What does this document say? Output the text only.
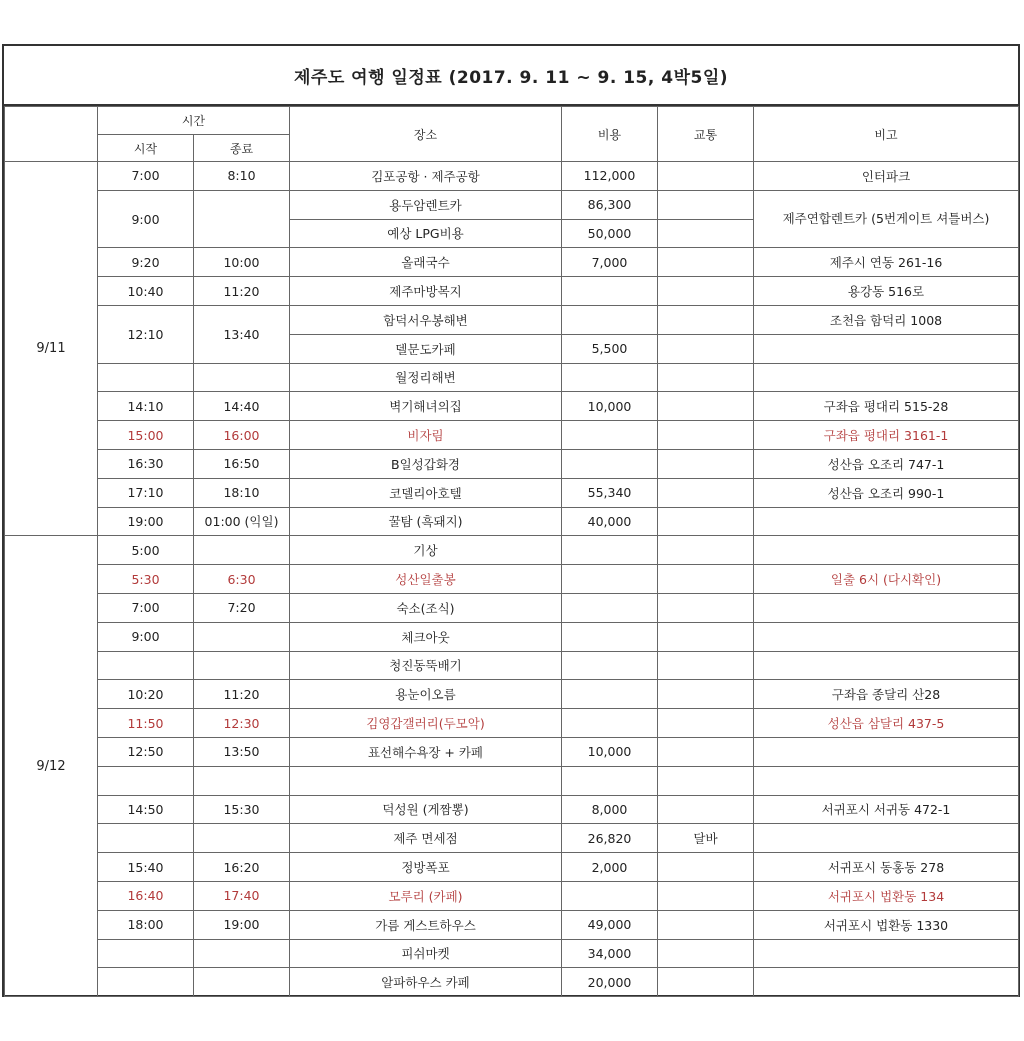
제주도 여행 일정표 (2017. 9. 11 ~ 9. 15, 4박5일)
	시간		장소	비용	교통	비고
	시작	종료				
9/11	7:00	8:10	김포공항 · 제주공항	112,000		인터파크
	9:00		용두암렌트카	86,300		제주연합렌트카 (5번게이트 셔틀버스)
			예상 LPG비용	50,000		
	9:20	10:00	올래국수	7,000		제주시 연동 261-16
	10:40	11:20	제주마방목지			용강동 516로
	12:10	13:40	함덕서우봉해변			조천읍 함덕리 1008
			델문도카페	5,500		
			월정리해변			
	14:10	14:40	벽기해녀의집	10,000		구좌읍 평대리 515-28
	15:00	16:00	비자림			구좌읍 평대리 3161-1
	16:30	16:50	B일성갑화경			성산읍 오조리 747-1
	17:10	18:10	코델리아호텔	55,340		성산읍 오조리 990-1
	19:00	01:00 (익일)	꿀탐 (흑돼지)	40,000		
9/12	5:00		기상			
	5:30	6:30	성산일출봉			일출 6시 (다시확인)
	7:00	7:20	숙소(조식)			
	9:00		체크아웃			
			청진동뚝배기			
	10:20	11:20	용눈이오름			구좌읍 종달리 산28
	11:50	12:30	김영갑갤러리(두모악)			성산읍 삼달리 437-5
	12:50	13:50	표선해수욕장 + 카페	10,000		

	14:50	15:30	덕성원 (게짬뽕)	8,000		서귀포시 서귀동 472-1
			제주 면세점	26,820	달바	
	15:40	16:20	정방폭포	2,000		서귀포시 동홍동 278
	16:40	17:40	모루리 (카페)			서귀포시 법환동 134
	18:00	19:00	가름 게스트하우스	49,000		서귀포시 법환동 1330
			피쉬마켓	34,000		
			알파하우스 카페	20,000		
